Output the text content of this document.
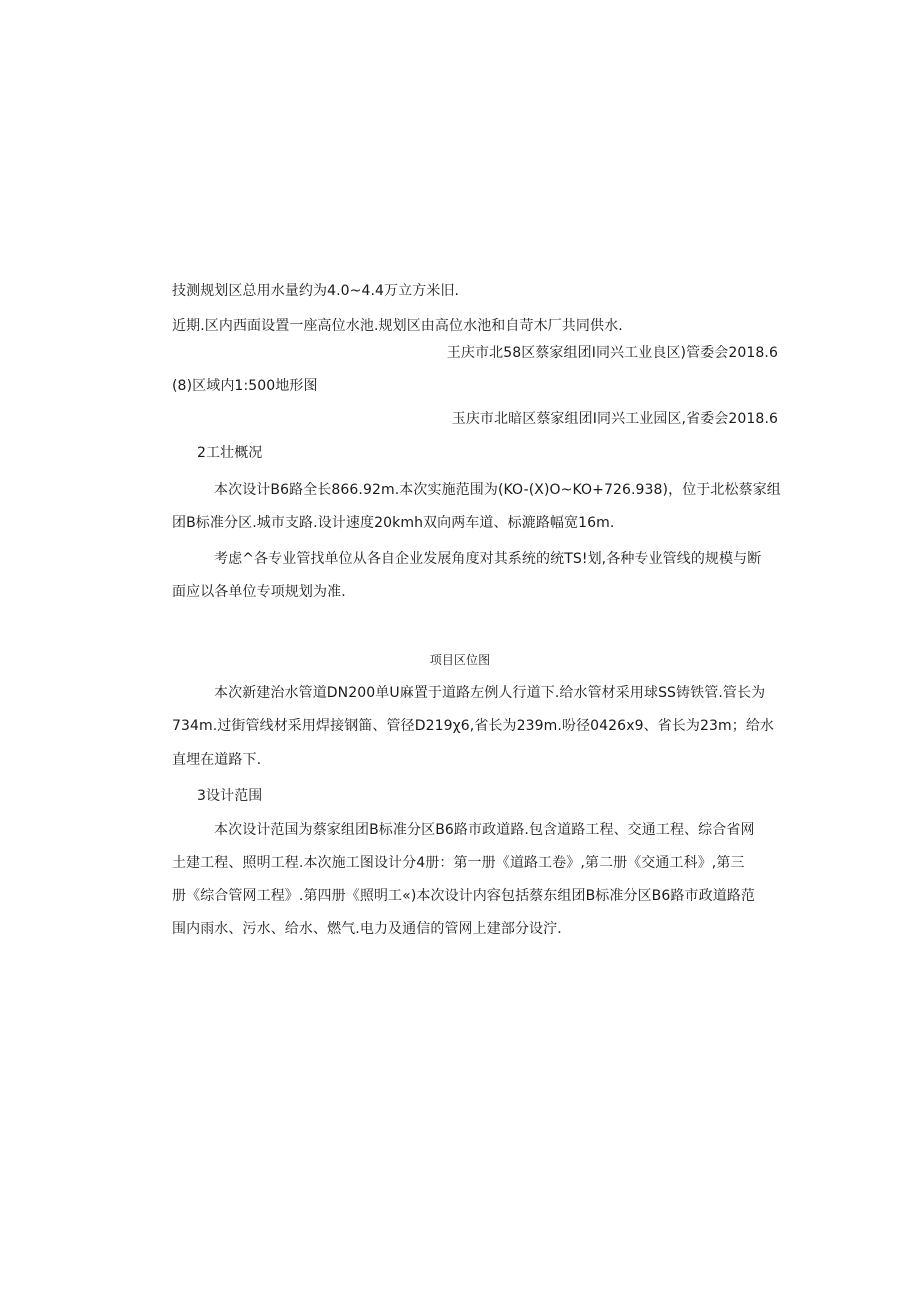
技测规划区总用水量约为4.0~4.4万立方米旧.
近期.区内西面设置一座高位水池.规划区由高位水池和自苛木厂共同供水.
王庆市北58区蔡家组团I同兴工业良区)管委会2018.6
(8)区域内1:500地形图
玉庆市北暗区蔡家组团I同兴工业园区,省委会2018.6
2工壮概况
本次设计B6路全长866.92m.本次实施范围为(KO-(X)O~KO+726.938)，位于北松蔡家组
团B标准分区.城市支路.设计速度20kmh双向两车道、标漉路幅宽16m.
考虑^各专业管找单位从各自企业发展角度对其系统的统TS!划,各种专业管线的规模与断
面应以各单位专项规划为准.
项目区位图
本次新建治水管道DN200单U麻置于道路左例人行道下.给水管材采用球SS铸铁管.管长为
734m.过街管线材采用焊接钢筁、管径D219χ6,省长为239m.吩径0426x9、省长为23m；给水
直埋在道路下.
3设计范围
本次设计范国为蔡家组团B标准分区B6路市政道路.包含道路工程、交通工程、综合省网
土建工程、照明工程.本次施工图设计分4册：第一册《道路工卷》,第二册《交通工科》,第三
册《综合管网工程》.第四册《照明工«)本次设计内容包括蔡东组团B标准分区B6路市政道路范
围内雨水、污水、给水、燃气.电力及通信的管网上建部分设泞.
